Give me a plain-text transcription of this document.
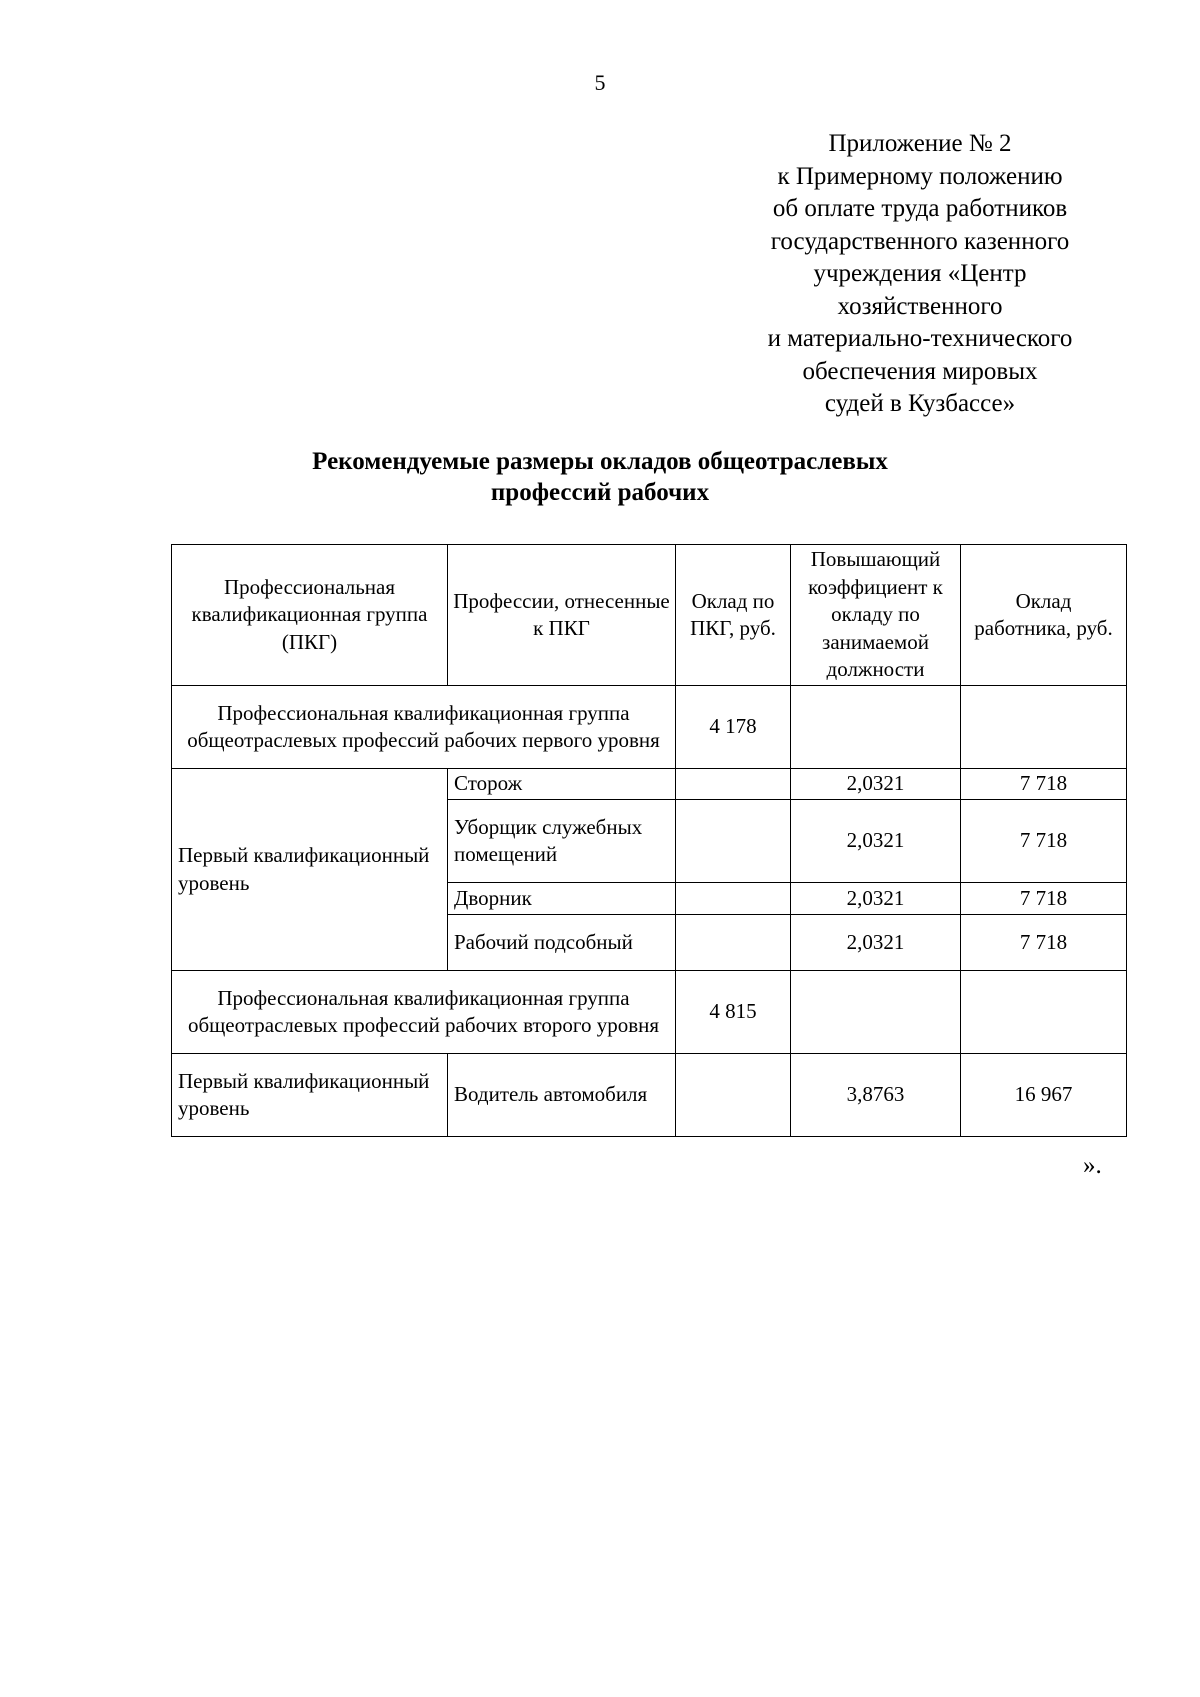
5
Приложение № 2
к Примерному положению
об оплате труда работников
государственного казенного
учреждения «Центр
хозяйственного
и материально-технического
обеспечения мировых
судей в Кузбассе»
Рекомендуемые размеры окладов общеотраслевых
профессий рабочих
Профессиональная квалификационная группа (ПКГ)	Профессии, отнесенные к ПКГ	Оклад по ПКГ, руб.	Повышающий коэффициент к окладу по занимаемой должности	Оклад работника, руб.
Профессиональная квалификационная группа общеотраслевых профессий рабочих первого уровня		4 178		
Первый квалификационный уровень	Сторож		2,0321	7 718
	Уборщик служебных помещений		2,0321	7 718
	Дворник		2,0321	7 718
	Рабочий подсобный		2,0321	7 718
Профессиональная квалификационная группа общеотраслевых профессий рабочих второго уровня		4 815		
Первый квалификационный уровень	Водитель автомобиля		3,8763	16 967
».
